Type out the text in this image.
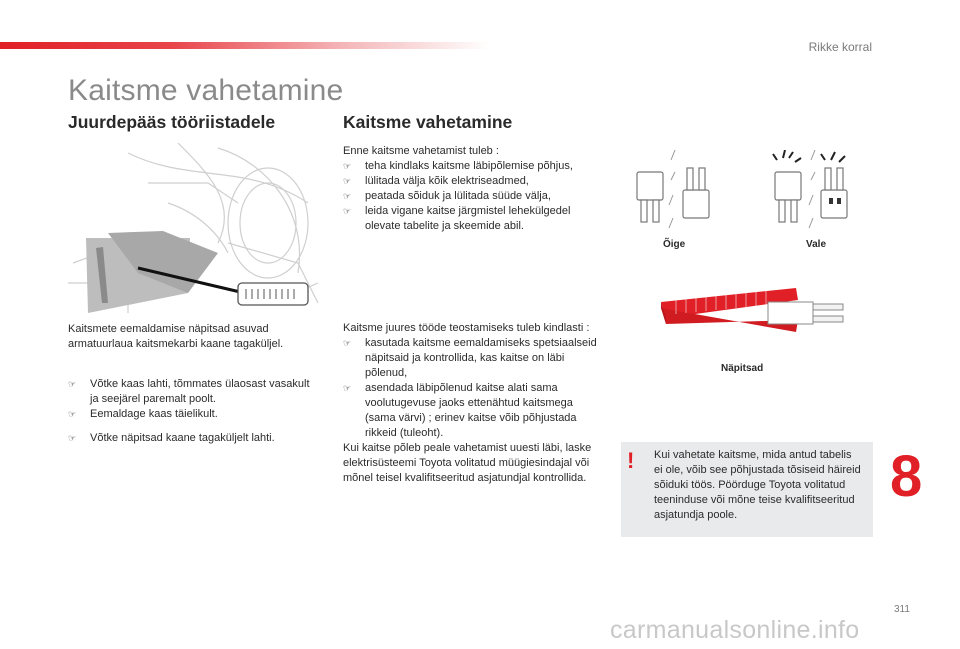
Rikke korral
Kaitsme vahetamine
Juurdepääs tööriistadele
Kaitsmete eemaldamise näpitsad asuvad armatuurlaua kaitsmekarbi kaane tagaküljel.
☞ Võtke kaas lahti, tõmmates ülaosast vasakult ja seejärel paremalt poolt.
☞ Eemaldage kaas täielikult.
☞ Võtke näpitsad kaane tagaküljelt lahti.
Kaitsme vahetamine
Enne kaitsme vahetamist tuleb :
☞ teha kindlaks kaitsme läbipõlemise põhjus,
☞ lülitada välja kõik elektriseadmed,
☞ peatada sõiduk ja lülitada süüde välja,
☞ leida vigane kaitse järgmistel lehekülgedel olevate tabelite ja skeemide abil.
Kaitsme juures tööde teostamiseks tuleb kindlasti :
☞ kasutada kaitsme eemaldamiseks spetsiaalseid näpitsaid ja kontrollida, kas kaitse on läbi põlenud,
☞ asendada läbipõlenud kaitse alati sama voolutugevuse jaoks ettenähtud kaitsmega (sama värvi) ; erinev kaitse võib põhjustada rikkeid (tuleoht).
Kui kaitse põleb peale vahetamist uuesti läbi, laske elektrisüsteemi Toyota volitatud müügiesindajal või mõnel teisel kvalifitseeritud asjatundjal kontrollida.
Õige	Vale
Näpitsad
! Kui vahetate kaitsme, mida antud tabelis ei ole, võib see põhjustada tõsiseid häireid sõiduki töös. Pöörduge Toyota volitatud teeninduse või mõne teise kvalifitseeritud asjatundja poole.
8
311
carmanualsonline.info
